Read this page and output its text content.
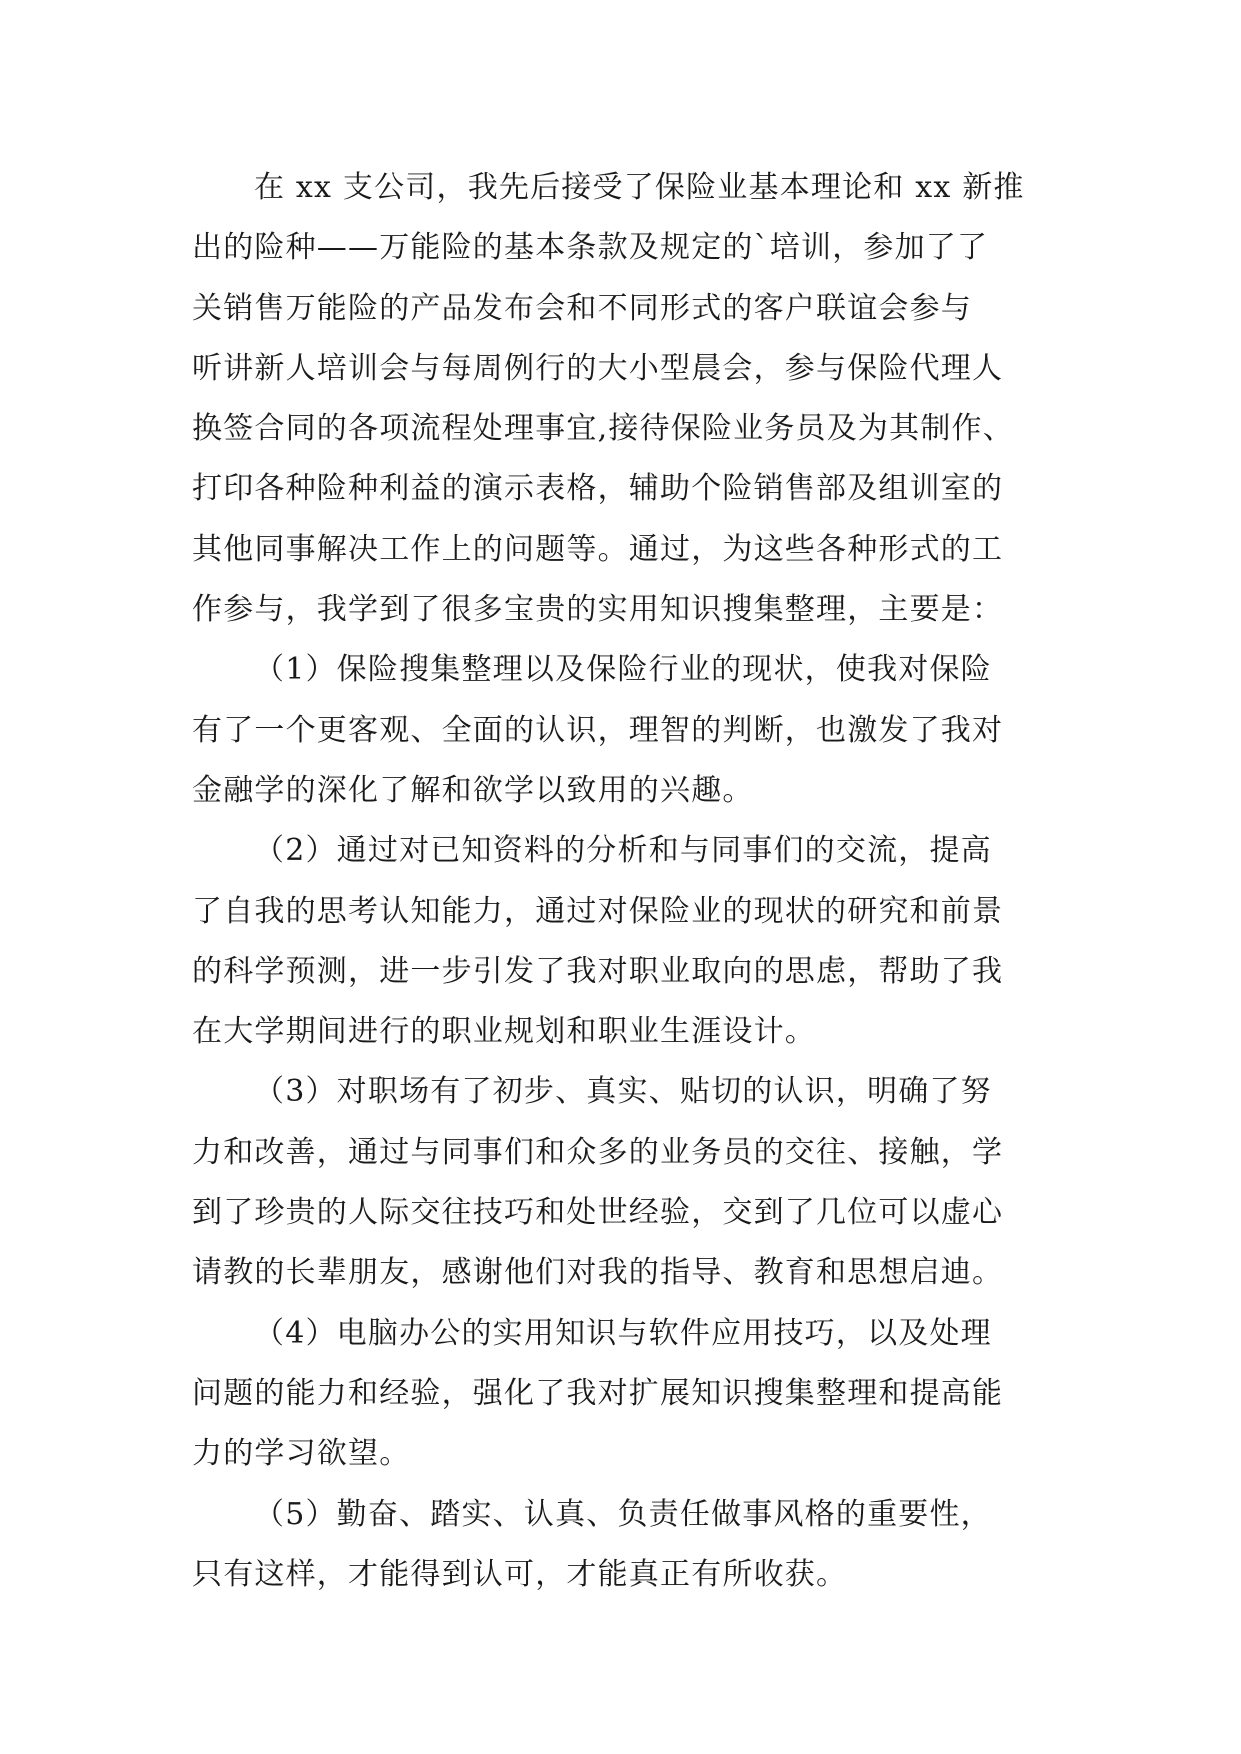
在 xx 支公司，我先后接受了保险业基本理论和 xx 新推
出的险种——万能险的基本条款及规定的`培训，参加了了
关销售万能险的产品发布会和不同形式的客户联谊会参与
听讲新人培训会与每周例行的大小型晨会，参与保险代理人
换签合同的各项流程处理事宜,接待保险业务员及为其制作、
打印各种险种利益的演示表格，辅助个险销售部及组训室的
其他同事解决工作上的问题等。通过，为这些各种形式的工
作参与，我学到了很多宝贵的实用知识搜集整理，主要是：
（1）保险搜集整理以及保险行业的现状，使我对保险
有了一个更客观、全面的认识，理智的判断，也激发了我对
金融学的深化了解和欲学以致用的兴趣。
（2）通过对已知资料的分析和与同事们的交流，提高
了自我的思考认知能力，通过对保险业的现状的研究和前景
的科学预测，进一步引发了我对职业取向的思虑，帮助了我
在大学期间进行的职业规划和职业生涯设计。
（3）对职场有了初步、真实、贴切的认识，明确了努
力和改善，通过与同事们和众多的业务员的交往、接触，学
到了珍贵的人际交往技巧和处世经验，交到了几位可以虚心
请教的长辈朋友，感谢他们对我的指导、教育和思想启迪。
（4）电脑办公的实用知识与软件应用技巧，以及处理
问题的能力和经验，强化了我对扩展知识搜集整理和提高能
力的学习欲望。
（5）勤奋、踏实、认真、负责任做事风格的重要性，
只有这样，才能得到认可，才能真正有所收获。
